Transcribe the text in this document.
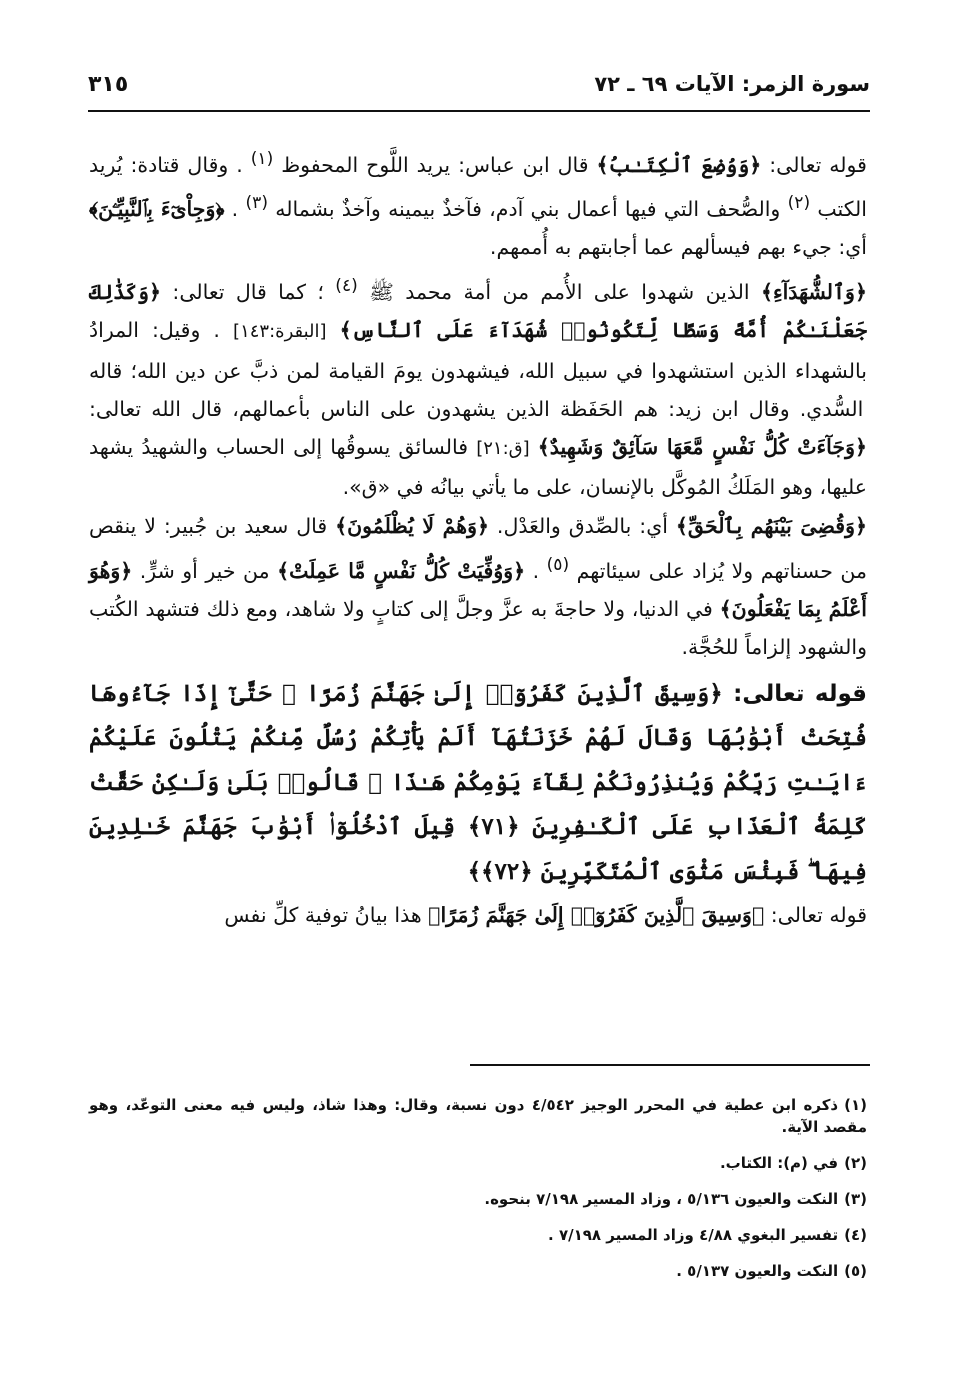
سورة الزمر: الآيات ٦٩ ـ ٧٢
٣١٥

قوله تعالى: ﴿وَوُضِعَ ٱلْكِتَـٰبُ﴾ قال ابن عباس: يريد اللَّوح المحفوظ $^{(١)}$ . وقال قتادة: يُريد الكتب $^{(٢)}$ والصُّحف التي فيها أعمال بني آدم، فآخذٌ بيمينه وآخذٌ بشماله $^{(٣)}$ . ﴿وَجِاْىٓءَ بِٱلنَّبِيِّـۧنَ﴾ أي: جيء بهم فيسألهم عما أجابتهم به أُممهم.

﴿وَٱلشُّهَدَآءِ﴾ الذين شهدوا على الأُمم من أمة محمد ﷺ $^{(٤)}$ ؛ كما قال تعالى: ﴿وَكَذَٰلِكَ جَعَلْنَـٰكُمْ أُمَّةً وَسَطًا لِّتَكُونُوا۟ شُهَدَآءَ عَلَى ٱلنَّاسِ﴾ [البقرة:١٤٣] . وقيل: المرادُ بالشهداء الذين استشهدوا في سبيل الله، فيشهدون يومَ القيامة لمن ذبَّ عن دين الله؛ قاله السُّدي. وقال ابن زيد: هم الحَفَظة الذين يشهدون على الناس بأعمالهم، قال الله تعالى: ﴿وَجَآءَتْ كُلُّ نَفْسٍ مَّعَهَا سَآئِقٌ وَشَهِيدٌ﴾ [ق:٢١] فالسائق يسوقُها إلى الحساب والشهيدُ يشهد عليها، وهو المَلَكُ المُوكَّل بالإنسان، على ما يأتي بيانُه في «ق».

﴿وَقُضِىَ بَيْنَهُم بِٱلْحَقِّ﴾ أي: بالصِّدق والعَدْل. ﴿وَهُمْ لَا يُظْلَمُونَ﴾ قال سعيد بن جُبير: لا ينقص من حسناتهم ولا يُزاد على سيئاتهم $^{(٥)}$ . ﴿وَوُفِّيَتْ كُلُّ نَفْسٍ مَّا عَمِلَتْ﴾ من خير أو شرٍّ. ﴿وَهُوَ أَعْلَمُ بِمَا يَفْعَلُونَ﴾ في الدنيا، ولا حاجةَ به عزَّ وجلَّ إلى كتابٍ ولا شاهد، ومع ذلك فتشهد الكُتب والشهود إلزاماً للحُجَّة.

قوله تعالى: ﴿وَسِيقَ ٱلَّذِينَ كَفَرُوٓا۟ إِلَىٰ جَهَنَّمَ زُمَرًا ۖ حَتَّىٰٓ إِذَا جَآءُوهَا فُتِحَتْ أَبْوَٰبُهَا وَقَالَ لَهُمْ خَزَنَتُهَآ أَلَمْ يَأْتِكُمْ رُسُلٌ مِّنكُمْ يَتْلُونَ عَلَيْكُمْ ءَايَـٰتِ رَبِّكُمْ وَيُنذِرُونَكُمْ لِقَآءَ يَوْمِكُمْ هَـٰذَا ۚ قَالُوا۟ بَلَىٰ وَلَـٰكِنْ حَقَّتْ كَلِمَةُ ٱلْعَذَابِ عَلَى ٱلْكَـٰفِرِينَ ﴿٧١﴾ قِيلَ ٱدْخُلُوٓا۟ أَبْوَٰبَ جَهَنَّمَ خَـٰلِدِينَ فِيهَا ۖ فَبِئْسَ مَثْوَى ٱلْمُتَكَبِّرِينَ ﴿٧٢﴾﴾

قوله تعالى: ﴿وَسِيقَ ٱلَّذِينَ كَفَرُوٓا۟ إِلَىٰ جَهَنَّمَ زُمَرًا﴾ هذا بيانُ توفية كلِّ نفس

(١)ذكره ابن عطية في المحرر الوجيز ٤/٥٤٢ دون نسبة، وقال: وهذا شاذ، وليس فيه معنى التوعّد، وهو مقصد الآية.

(٢)في (م): الكتاب.

(٣)النكت والعيون ٥/١٣٦ ، وزاد المسير ٧/١٩٨ بنحوه.

(٤)تفسير البغوي ٤/٨٨ وزاد المسير ٧/١٩٨ .

(٥)النكت والعيون ٥/١٣٧ .
